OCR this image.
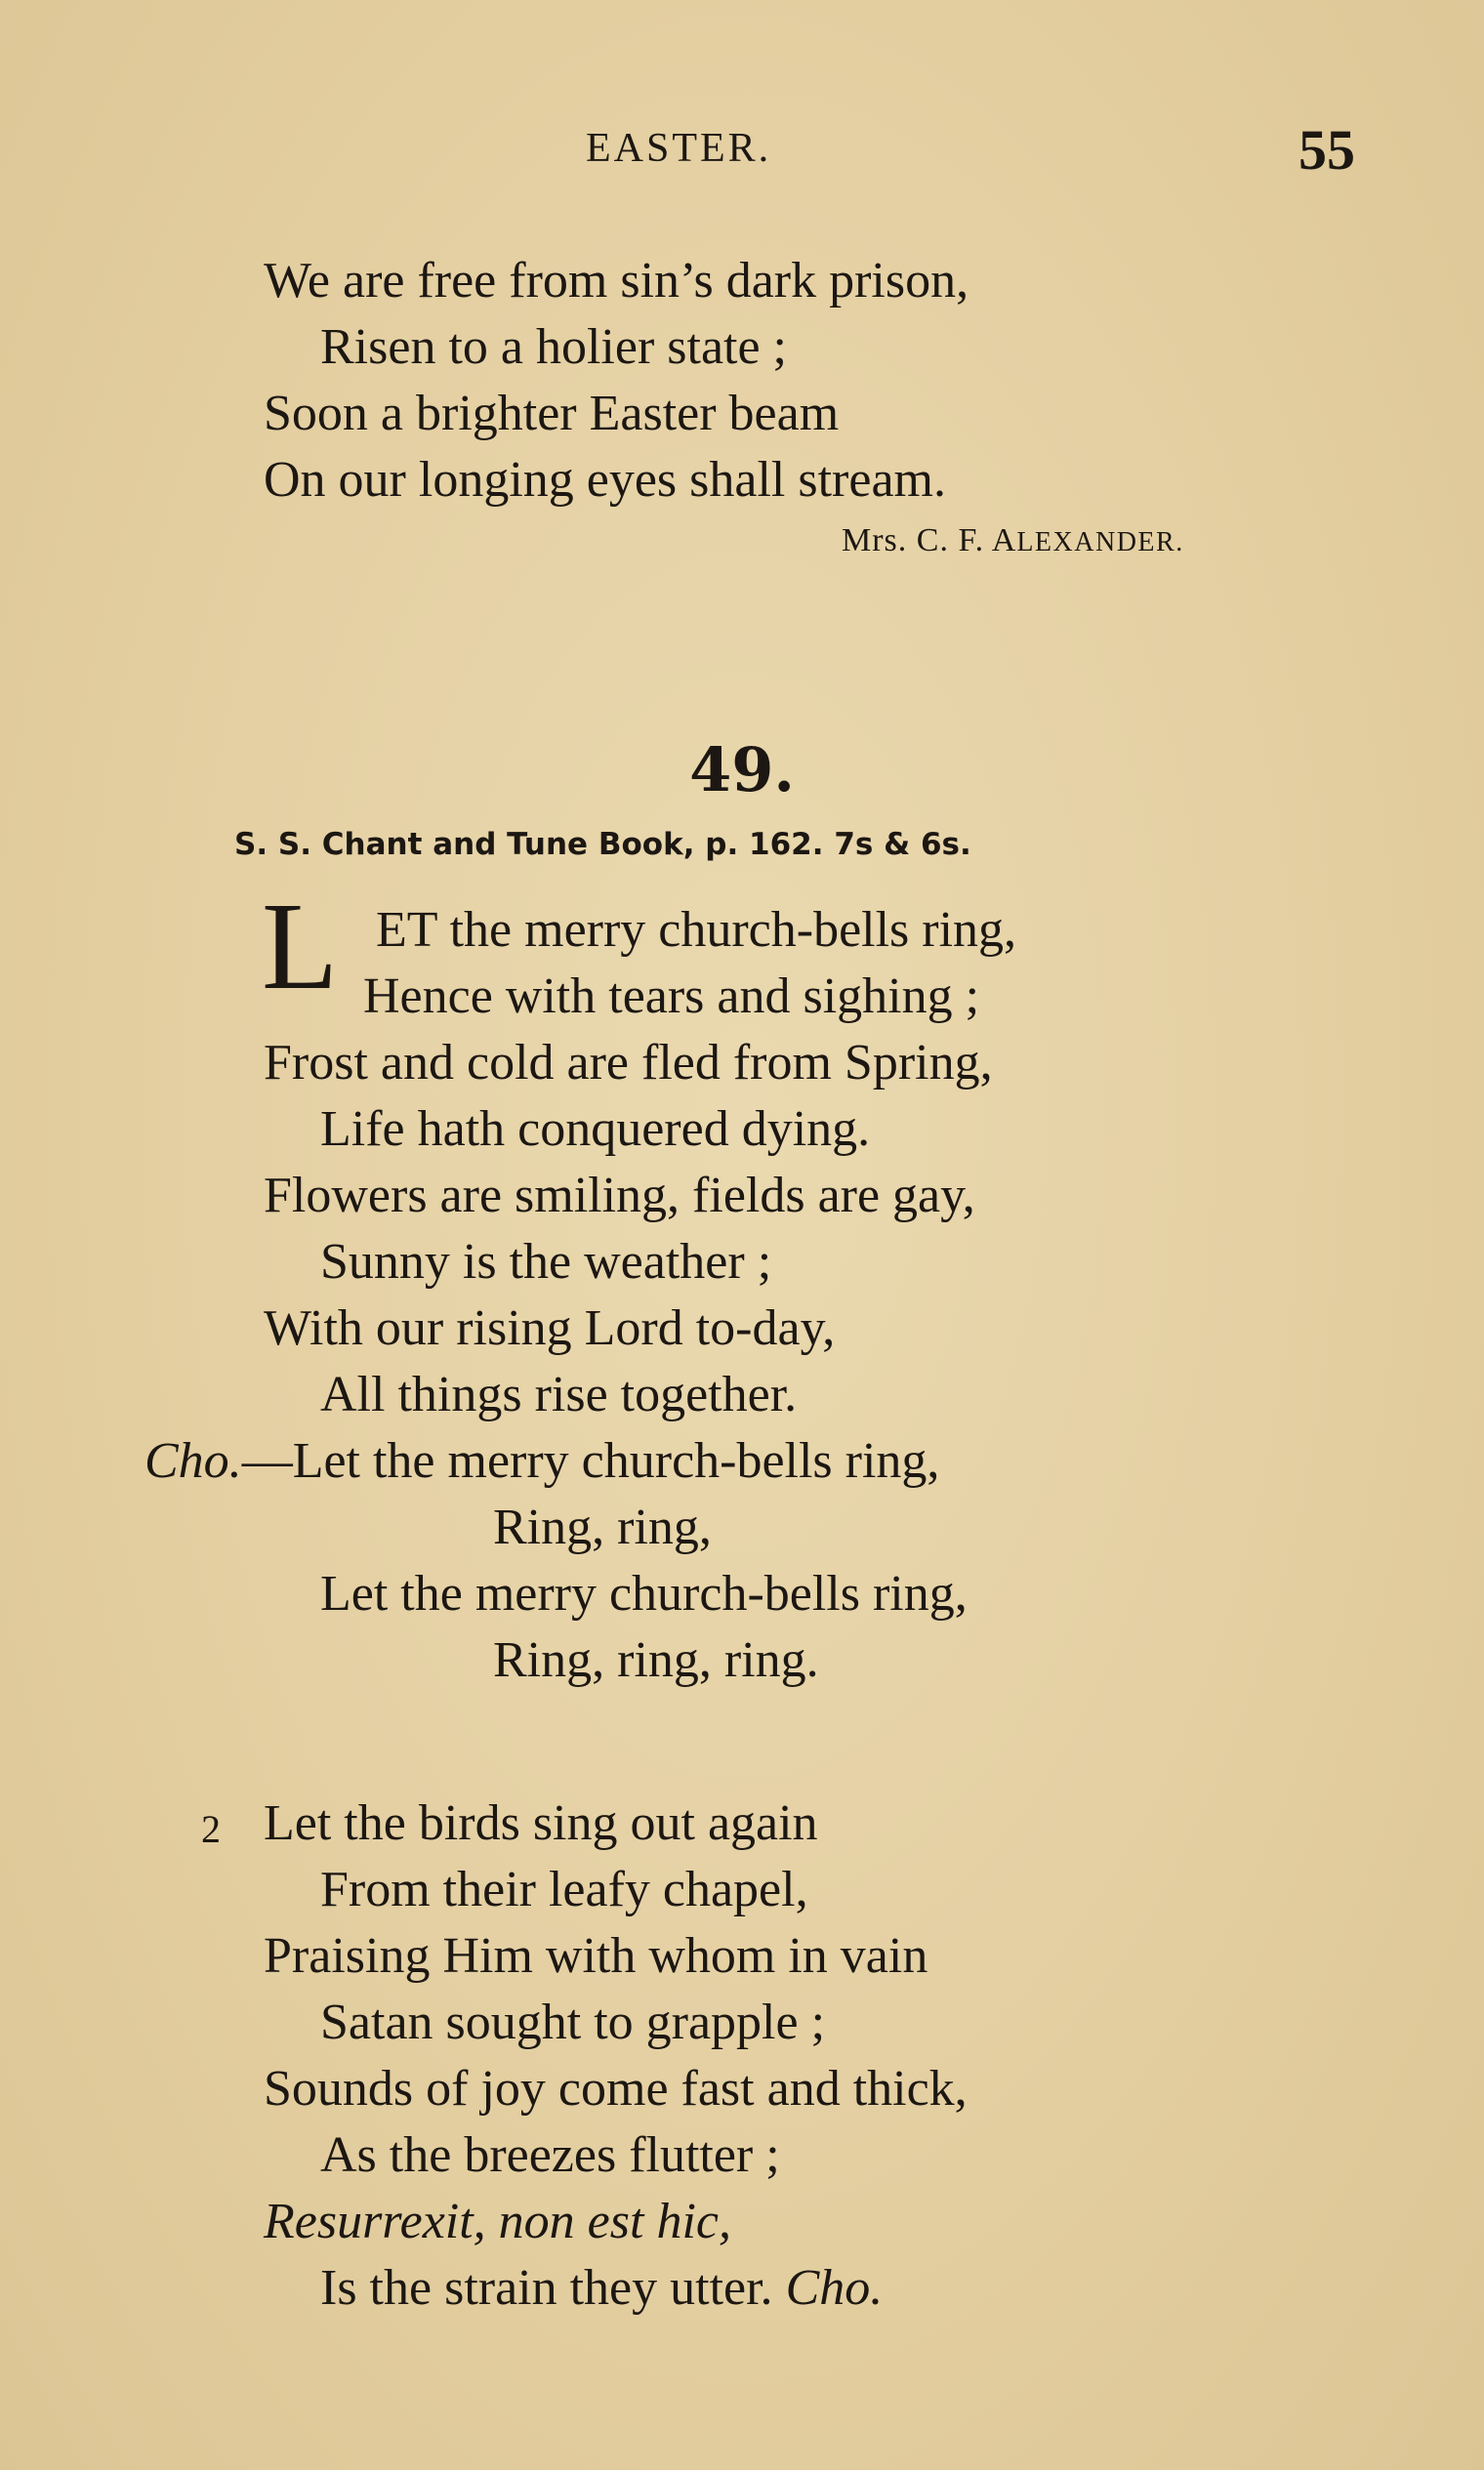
EASTER.	55
We are free from sin’s dark prison,
Risen to a holier state ;
Soon a brighter Easter beam
On our longing eyes shall stream.
Mrs. C. F. ALEXANDER.
49.
S. S. Chant and Tune Book, p. 162. 7s & 6s.
L ET the merry church-bells ring,
Hence with tears and sighing ;
Frost and cold are fled from Spring,
Life hath conquered dying.
Flowers are smiling, fields are gay,
Sunny is the weather ;
With our rising Lord to-day,
All things rise together.
Cho.—Let the merry church-bells ring,
Ring, ring,
Let the merry church-bells ring,
Ring, ring, ring.
2 Let the birds sing out again
From their leafy chapel,
Praising Him with whom in vain
Satan sought to grapple ;
Sounds of joy come fast and thick,
As the breezes flutter ;
Resurrexit, non est hic,
Is the strain they utter. Cho.
